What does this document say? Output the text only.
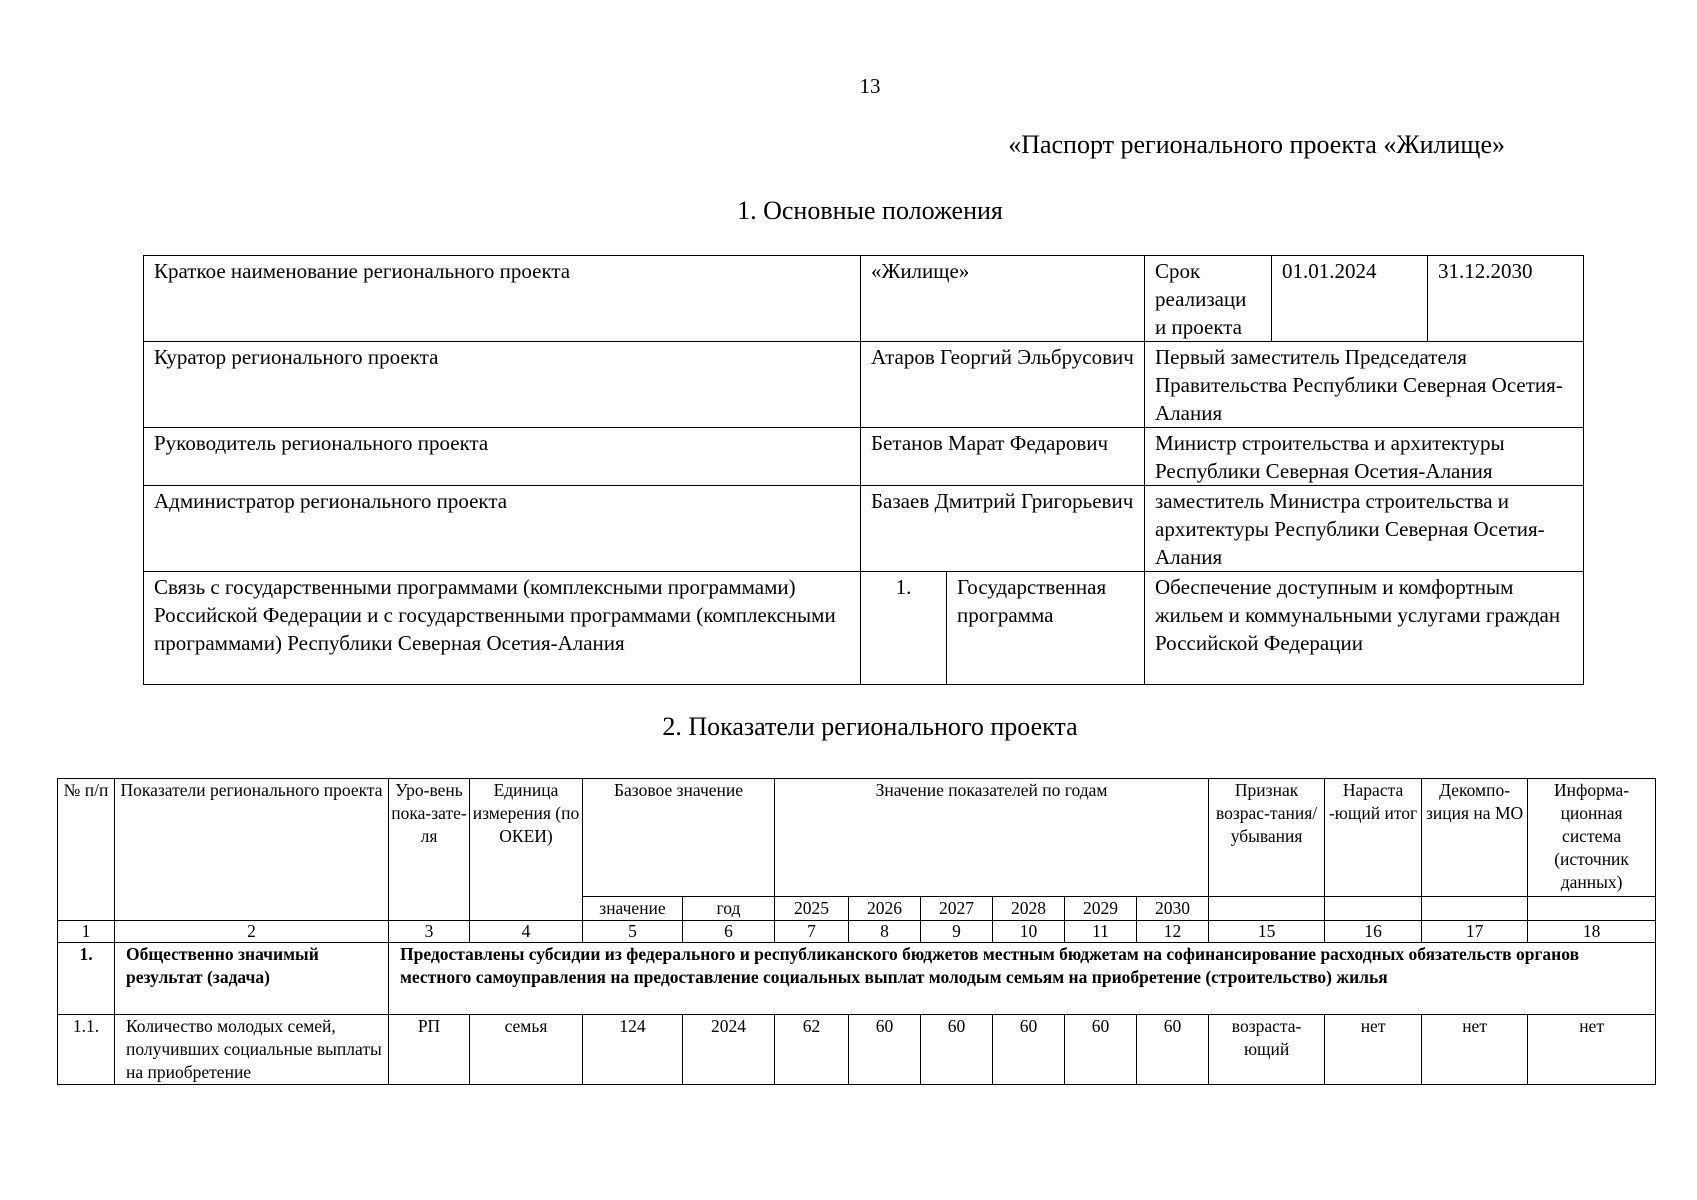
13
«Паспорт регионального проекта «Жилище»
1. Основные положения
Краткое наименование регионального проекта	«Жилище»		Срок реализаци и проекта	01.01.2024	31.12.2030
Куратор регионального проекта	Атаров Георгий Эльбрусович		Первый заместитель Председателя Правительства Республики Северная Осетия-Алания		
Руководитель регионального проекта	Бетанов Марат Федарович		Министр строительства и архитектуры Республики Северная Осетия-Алания		
Администратор регионального проекта	Базаев Дмитрий Григорьевич		заместитель Министра строительства и архитектуры Республики Северная Осетия-Алания		
Связь с государственными программами (комплексными программами) Российской Федерации и с государственными программами (комплексными программами) Республики Северная Осетия-Алания	1.	Государственная программа	Обеспечение доступным и комфортным жильем и коммунальными услугами граждан Российской Федерации		
2. Показатели регионального проекта
№ п/п	Показатели регионального проекта	Уро-вень пока-зате-ля	Единица измерения (по ОКЕИ)	Базовое значение		Значение показателей по годам						Признак возрас-тания/ убывания	Нараста -ющий итог	Декомпо-зиция на МО	Информа-ционная система (источник данных)
				значение	год	2025	2026	2027	2028	2029	2030				
1	2	3	4	5	6	7	8	9	10	11	12	15	16	17	18
1.	Общественно значимый результат (задача)	Предоставлены субсидии из федерального и республиканского бюджетов местным бюджетам на софинансирование расходных обязательств органов местного самоуправления на предоставление социальных выплат молодым семьям на приобретение (строительство) жилья													
1.1.	Количество молодых семей, получивших социальные выплаты на приобретение	РП	семья	124	2024	62	60	60	60	60	60	возраста-ющий	нет	нет	нет
